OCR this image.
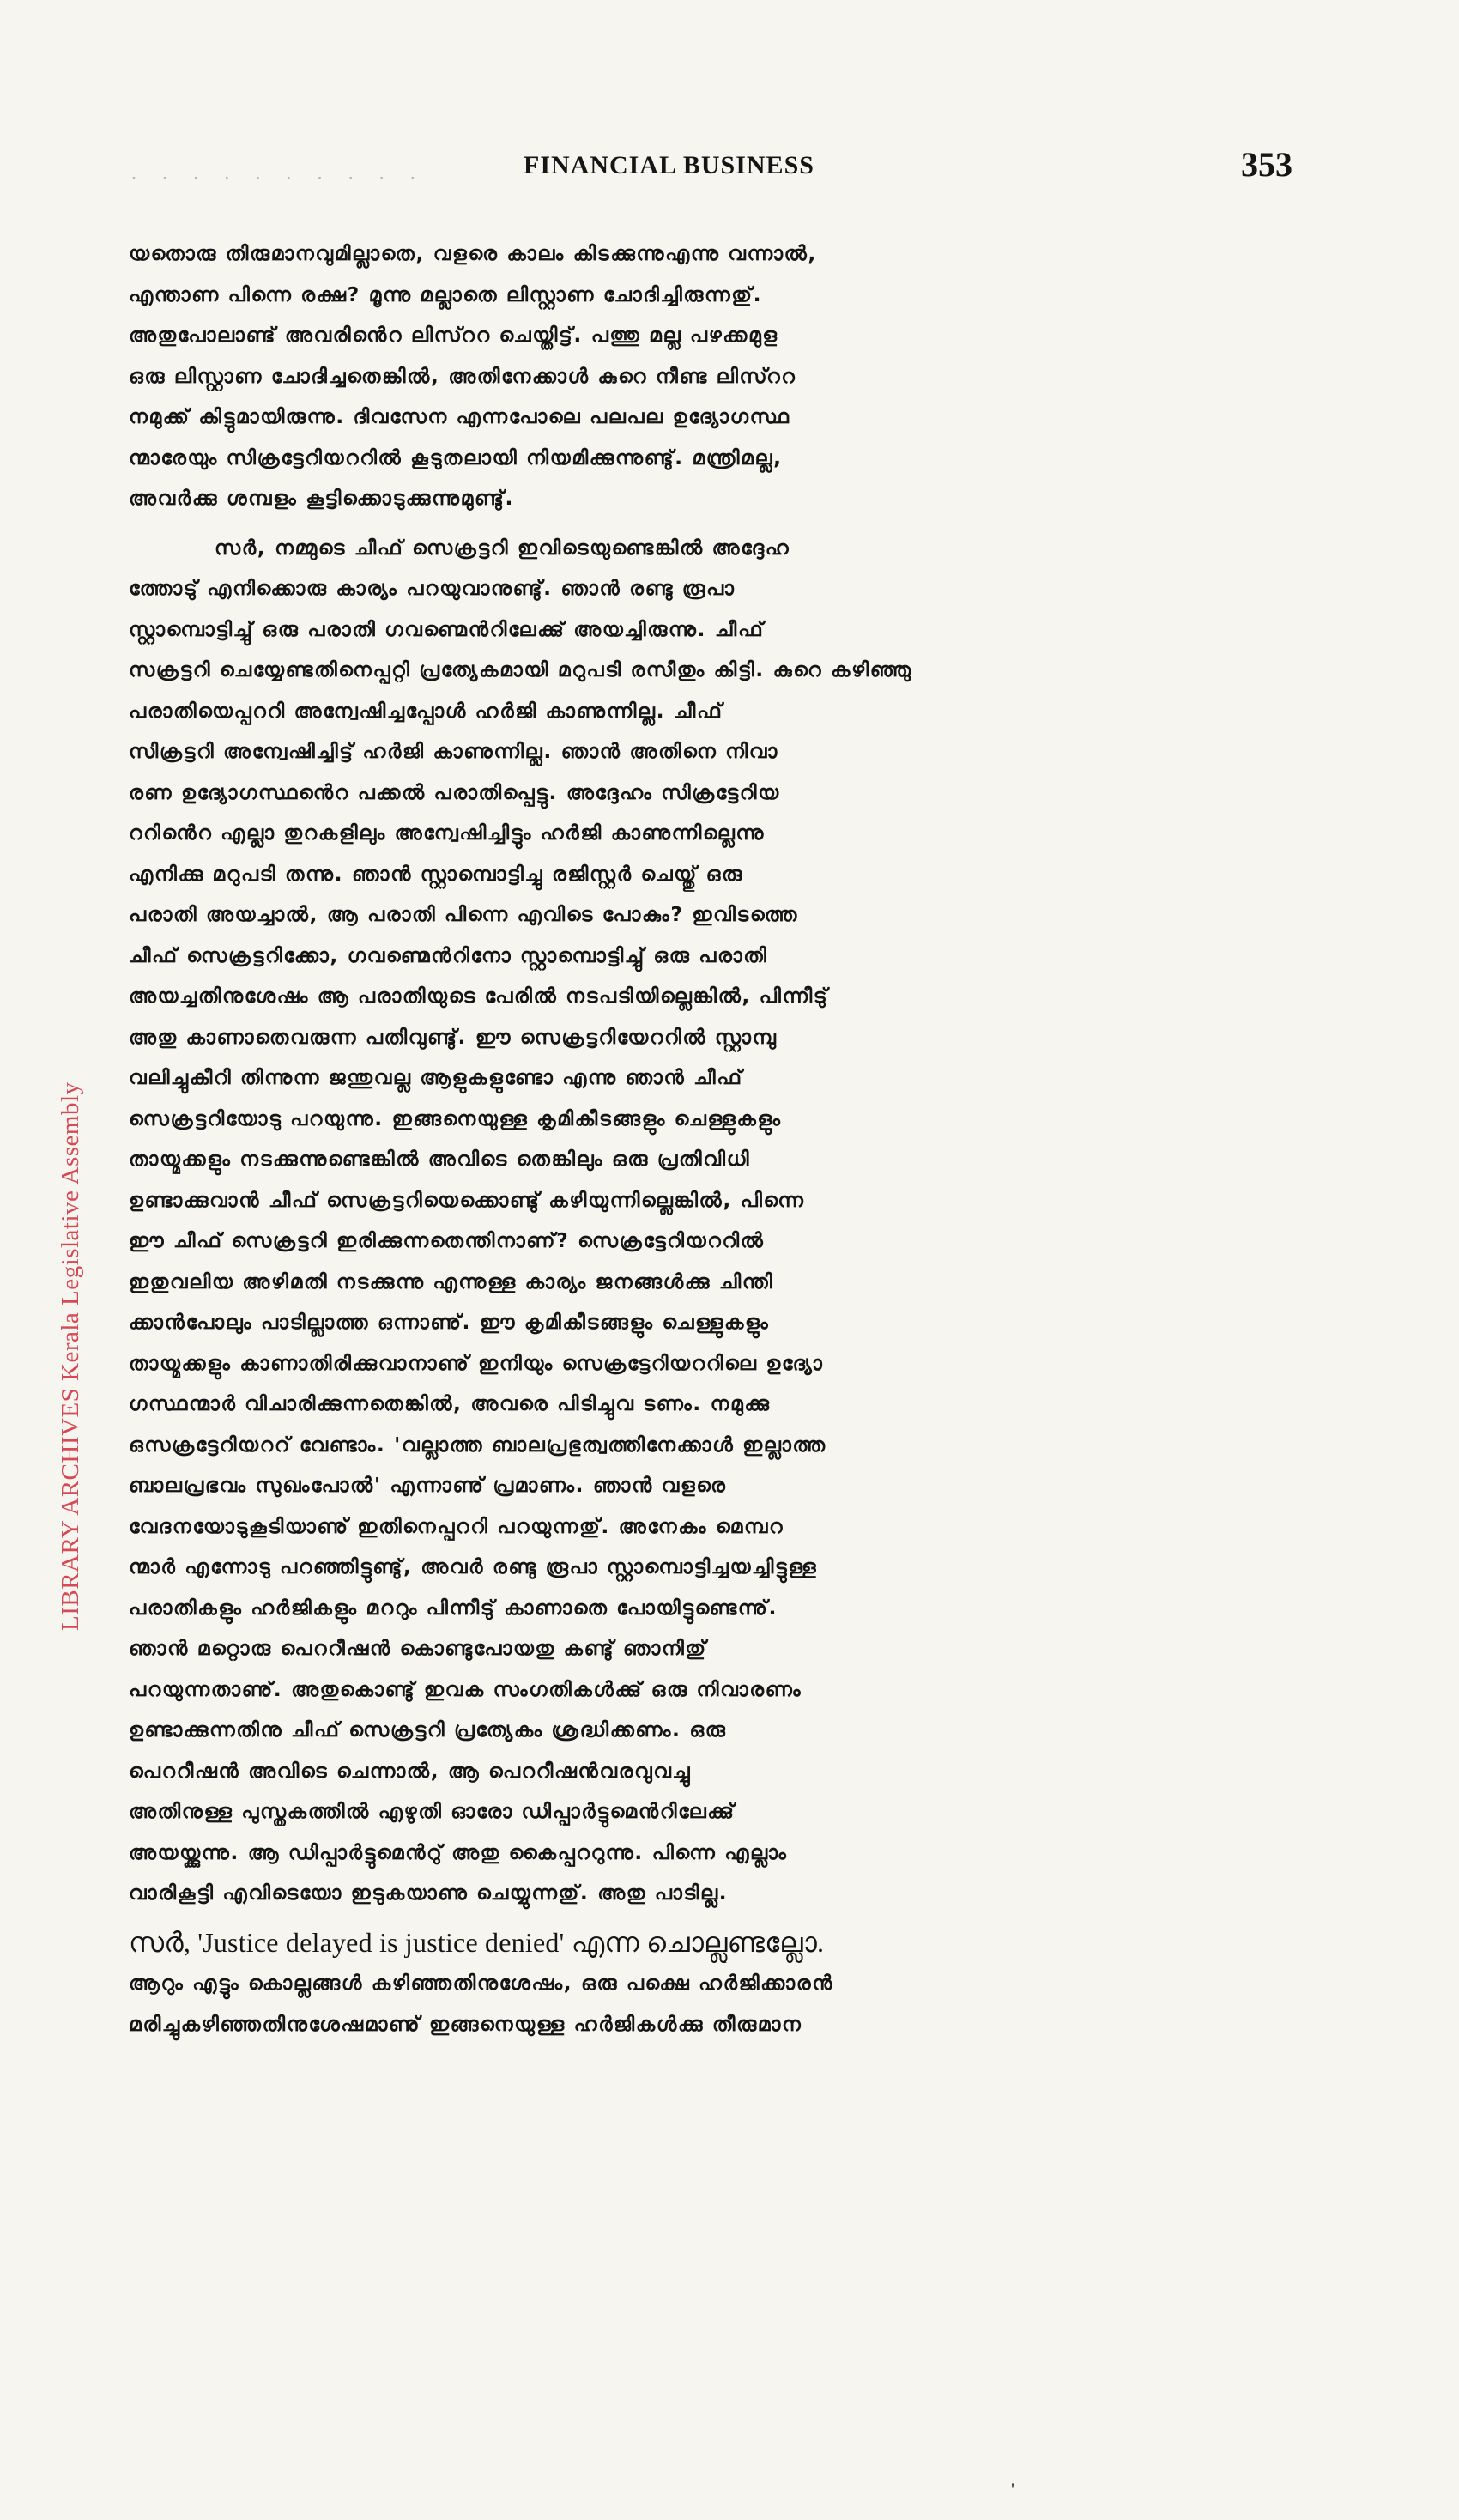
. . . . . . . . . .	FINANCIAL BUSINESS	353
LIBRARY ARCHIVES Kerala Legislative Assembly
യതൊരു തിരുമാനവുമില്ലാതെ, വളരെ കാലം കിടക്കുന്നുഎന്നു വന്നാൽ,
എന്താണ പിന്നെ രക്ഷ? മൂന്നു മല്ലാതെ ലിസ്റ്റാണ ചോദിച്ചിരുന്നതു്.
അതുപോലാണ്ട് അവരിൻെറ ലിസ്ററ ചെയ്തിട്ട്. പത്തു മല്ല പഴക്കമുള
ഒരു ലിസ്റ്റാണ ചോദിച്ചതെങ്കിൽ, അതിനേക്കാൾ കുറെ നീണ്ട ലിസ്ററ
നമുക്ക് കിട്ടുമായിരുന്നു. ദിവസേന എന്നപോലെ പലപല ഉദ്യോഗസ്ഥ
ന്മാരേയും സിക്രട്ടേറിയററിൽ കൂടുതലായി നിയമിക്കുന്നുണ്ടു്. മന്ത്രിമല്ല,
അവർക്കു ശമ്പളം കൂട്ടിക്കൊടുക്കുന്നുമുണ്ടു്.
സർ, നമ്മുടെ ചീഫ് സെക്രട്ടറി ഇവിടെയുണ്ടെങ്കിൽ അദ്ദേഹ
ത്തോടു് എനിക്കൊരു കാര്യം പറയുവാനുണ്ടു്. ഞാൻ രണ്ടു രൂപാ
സ്റ്റാമ്പൊട്ടിച്ചു് ഒരു പരാതി ഗവണ്മെൻറിലേക്കു് അയച്ചിരുന്നു. ചീഫ്
സക്രട്ടറി ചെയ്യേണ്ടതിനെപ്പറ്റി പ്രത്യേകമായി മറുപടി രസീതും കിട്ടി. കുറെ കഴിഞ്ഞു
പരാതിയെപ്പററി അന്വേഷിച്ചപ്പോൾ ഹർജി കാണുന്നില്ല. ചീഫ്
സിക്രട്ടറി അന്വേഷിച്ചിട്ട് ഹർജി കാണുന്നില്ല. ഞാൻ അതിനെ നിവാ
രണ ഉദ്യോഗസ്ഥൻെറ പക്കൽ പരാതിപ്പെട്ടു. അദ്ദേഹം സിക്രട്ടേറിയ
ററിൻെറ എല്ലാ തുറകളിലും അന്വേഷിച്ചിട്ടും ഹർജി കാണുന്നില്ലെന്നു
എനിക്കു മറുപടി തന്നു. ഞാൻ സ്റ്റാമ്പൊട്ടിച്ചു രജിസ്റ്റർ ചെയ്തു് ഒരു
പരാതി അയച്ചാൽ, ആ പരാതി പിന്നെ എവിടെ പോകും? ഇവിടത്തെ
ചീഫ് സെക്രട്ടറിക്കോ, ഗവണ്മെൻറിനോ സ്റ്റാമ്പൊട്ടിച്ചു് ഒരു പരാതി
അയച്ചതിനുശേഷം ആ പരാതിയുടെ പേരിൽ നടപടിയില്ലെങ്കിൽ, പിന്നീടു്
അതു കാണാതെവരുന്ന പതിവുണ്ടു്. ഈ സെക്രട്ടറിയേററിൽ സ്റ്റാമ്പു
വലിച്ചുകീറി തിന്നുന്ന ജന്തുവല്ല ആളുകളുണ്ടോ എന്നു ഞാൻ ചീഫ്
സെക്രട്ടറിയോടു പറയുന്നു. ഇങ്ങനെയുള്ള കൃമികീടങ്ങളും ചെള്ളുകളും
തായ്മക്കളും നടക്കുന്നുണ്ടെങ്കിൽ അവിടെ തെങ്കിലും ഒരു പ്രതിവിധി
ഉണ്ടാക്കുവാൻ ചീഫ് സെക്രട്ടറിയെക്കൊണ്ടു് കഴിയുന്നില്ലെങ്കിൽ, പിന്നെ
ഈ ചീഫ് സെക്രട്ടറി ഇരിക്കുന്നതെന്തിനാണ്? സെക്രട്ടേറിയററിൽ
ഇതുവലിയ അഴിമതി നടക്കുന്നു എന്നുള്ള കാര്യം ജനങ്ങൾക്കു ചിന്തി
ക്കാൻപോലും പാടില്ലാത്ത ഒന്നാണു്. ഈ കൃമികീടങ്ങളും ചെള്ളുകളും
തായ്മക്കളും കാണാതിരിക്കുവാനാണു് ഇനിയും സെക്രട്ടേറിയററിലെ ഉദ്യോ
ഗസ്ഥന്മാർ വിചാരിക്കുന്നതെങ്കിൽ, അവരെ പിടിച്ചുവ ടണം. നമുക്കു
ഒസക്രട്ടേറിയററ് വേണ്ടാം. 'വല്ലാത്ത ബാലപ്രഭുത്വത്തിനേക്കാൾ ഇല്ലാത്ത
ബാലപ്രഭവം സുഖംപോൽ' എന്നാണു് പ്രമാണം. ഞാൻ വളരെ
വേദനയോടുകൂടിയാണു് ഇതിനെപ്പററി പറയുന്നതു്. അനേകം മെമ്പറ
ന്മാർ എന്നോടു പറഞ്ഞിട്ടുണ്ടു്, അവർ രണ്ടു രൂപാ സ്റ്റാമ്പൊട്ടിച്ചയച്ചിട്ടുള്ള
പരാതികളും ഹർജികളും മററും പിന്നീടു് കാണാതെ പോയിട്ടുണ്ടെന്നു്.
ഞാൻ മറ്റൊരു പെററീഷൻ കൊണ്ടുപോയതു കണ്ടു് ഞാനിതു്
പറയുന്നതാണു്. അതുകൊണ്ടു് ഇവക സംഗതികൾക്കു് ഒരു നിവാരണം
ഉണ്ടാക്കുന്നതിനു ചീഫ് സെക്രട്ടറി പ്രത്യേകം ശ്രദ്ധിക്കണം. ഒരു
പെററീഷൻ അവിടെ ചെന്നാൽ, ആ പെററീഷൻവരവുവച്ചു
അതിനുള്ള പുസ്തകത്തിൽ എഴുതി ഓരോ ഡിപ്പാർട്ടുമെൻറിലേക്കു്
അയയ്ക്കുന്നു. ആ ഡിപ്പാർട്ടുമെൻറു് അതു കൈപ്പററുന്നു. പിന്നെ എല്ലാം
വാരികൂട്ടി എവിടെയോ ഇടുകയാണു ചെയ്യുന്നതു്. അതു പാടില്ല.
സർ, 'Justice delayed is justice denied' എന്ന ചൊല്ലുണ്ടല്ലോ.
ആറും എട്ടും കൊല്ലങ്ങൾ കഴിഞ്ഞതിനുശേഷം, ഒരു പക്ഷെ ഹർജിക്കാരൻ
മരിച്ചുകഴിഞ്ഞതിനുശേഷമാണു് ഇങ്ങനെയുള്ള ഹർജികൾക്കു തീരുമാന
'
